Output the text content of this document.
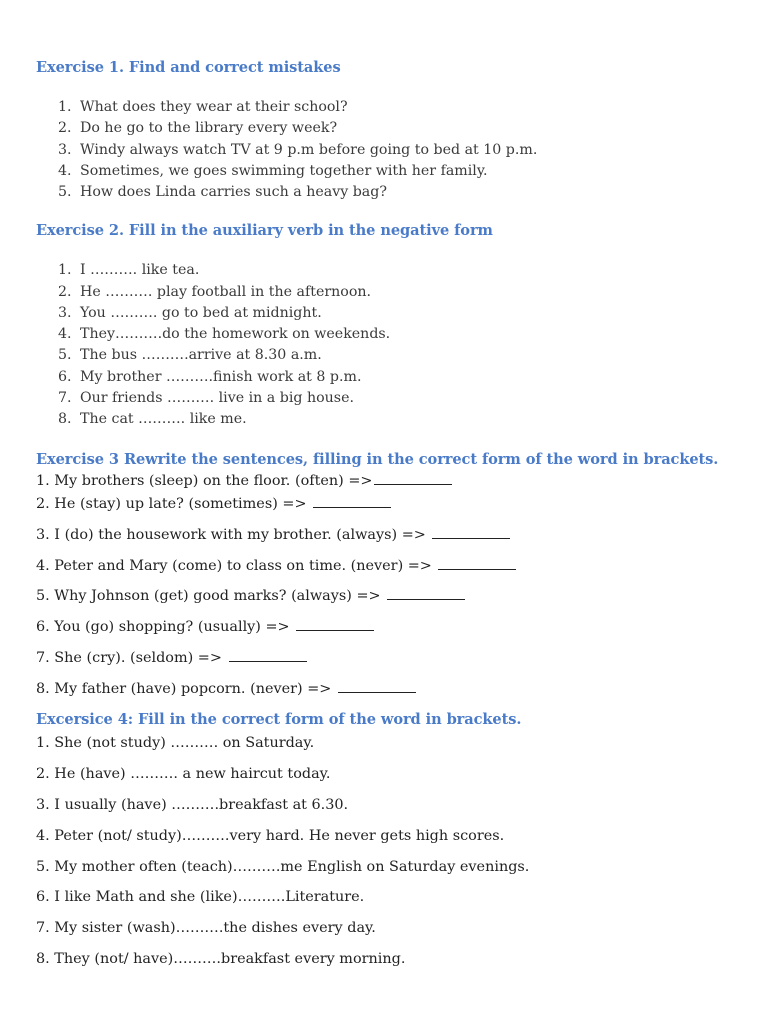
Exercise 1. Find and correct mistakes
1. What does they wear at their school?
2. Do he go to the library every week?
3. Windy always watch TV at 9 p.m before going to bed at 10 p.m.
4. Sometimes, we goes swimming together with her family.
5. How does Linda carries such a heavy bag?
Exercise 2. Fill in the auxiliary verb in the negative form
1. I ………. like tea.
2. He ………. play football in the afternoon.
3. You ………. go to bed at midnight.
4. They……….do the homework on weekends.
5. The bus ……….arrive at 8.30 a.m.
6. My brother ……….finish work at 8 p.m.
7. Our friends ………. live in a big house.
8. The cat ………. like me.
Exercise 3 Rewrite the sentences, filling in the correct form of the word in brackets.
1. My brothers (sleep) on the floor. (often) =>
2. He (stay) up late? (sometimes) =>
3. I (do) the housework with my brother. (always) =>
4. Peter and Mary (come) to class on time. (never) =>
5. Why Johnson (get) good marks? (always) =>
6. You (go) shopping? (usually) =>
7. She (cry). (seldom) =>
8. My father (have) popcorn. (never) =>
Excersice 4: Fill in the correct form of the word in brackets.
1. She (not study) ………. on Saturday.
2. He (have) ………. a new haircut today.
3. I usually (have) ……….breakfast at 6.30.
4. Peter (not/ study)……….very hard. He never gets high scores.
5. My mother often (teach)……….me English on Saturday evenings.
6. I like Math and she (like)……….Literature.
7. My sister (wash)……….the dishes every day.
8. They (not/ have)……….breakfast every morning.
